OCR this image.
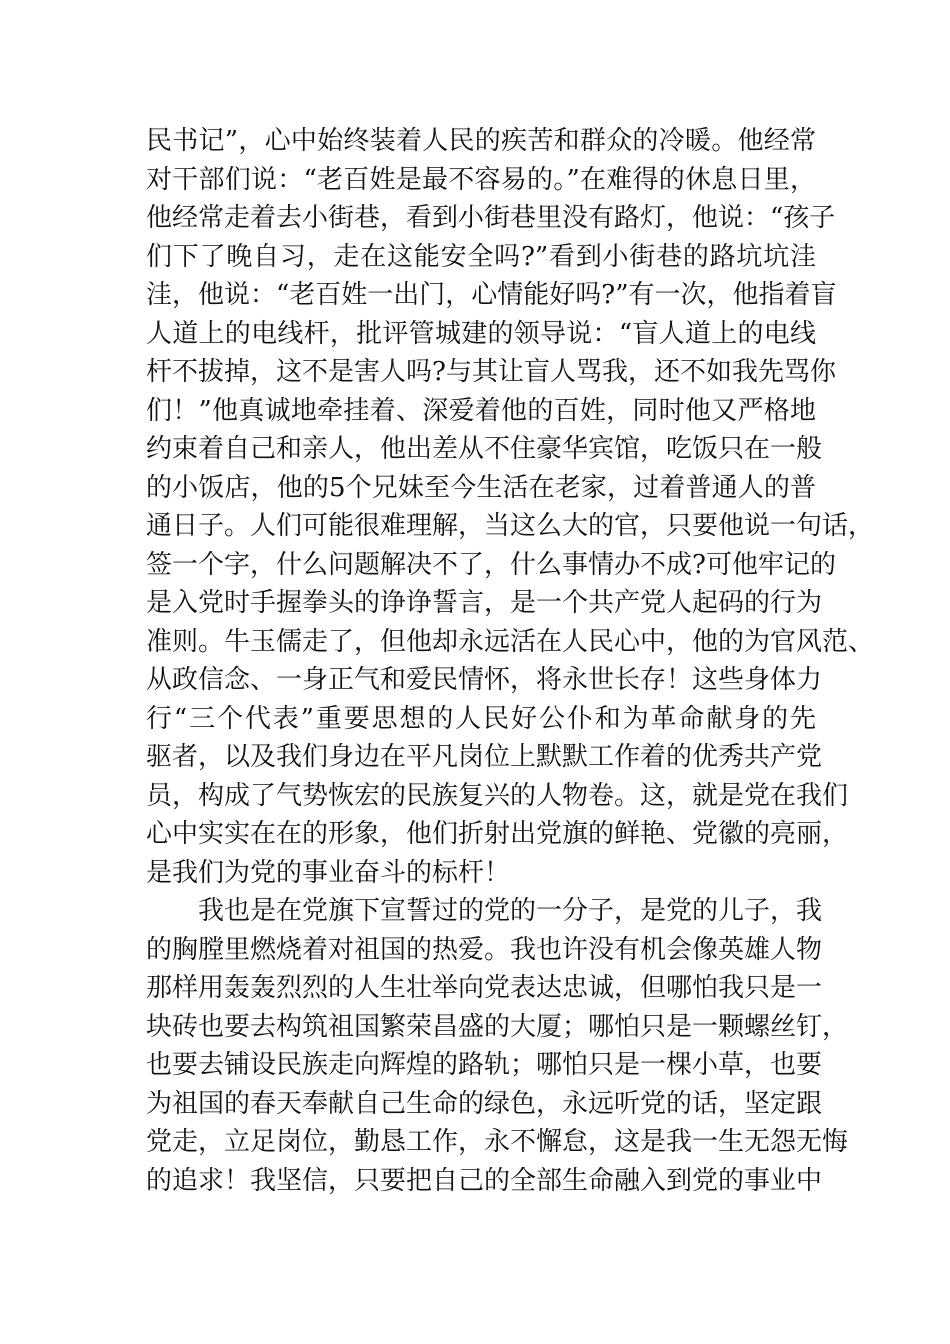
民书记”，心中始终装着人民的疾苦和群众的冷暖。他经常
对干部们说：“老百姓是最不容易的。”在难得的休息日里，
他经常走着去小街巷，看到小街巷里没有路灯，他说：“孩子
们下了晚自习，走在这能安全吗?”看到小街巷的路坑坑洼
洼，他说：“老百姓一出门，心情能好吗?”有一次，他指着盲
人道上的电线杆，批评管城建的领导说：“盲人道上的电线
杆不拔掉，这不是害人吗?与其让盲人骂我，还不如我先骂你
们！”他真诚地牵挂着、深爱着他的百姓，同时他又严格地
约束着自己和亲人，他出差从不住豪华宾馆，吃饭只在一般
的小饭店，他的5个兄妹至今生活在老家，过着普通人的普
通日子。人们可能很难理解，当这么大的官，只要他说一句话，
签一个字，什么问题解决不了，什么事情办不成?可他牢记的
是入党时手握拳头的诤诤誓言，是一个共产党人起码的行为
准则。牛玉儒走了，但他却永远活在人民心中，他的为官风范、
从政信念、一身正气和爱民情怀，将永世长存！这些身体力
行“三个代表”重要思想的人民好公仆和为革命献身的先
驱者，以及我们身边在平凡岗位上默默工作着的优秀共产党
员，构成了气势恢宏的民族复兴的人物卷。这，就是党在我们
心中实实在在的形象，他们折射出党旗的鲜艳、党徽的亮丽，
是我们为党的事业奋斗的标杆！
我也是在党旗下宣誓过的党的一分子，是党的儿子，我
的胸膛里燃烧着对祖国的热爱。我也许没有机会像英雄人物
那样用轰轰烈烈的人生壮举向党表达忠诚，但哪怕我只是一
块砖也要去构筑祖国繁荣昌盛的大厦；哪怕只是一颗螺丝钉，
也要去铺设民族走向辉煌的路轨；哪怕只是一棵小草，也要
为祖国的春天奉献自己生命的绿色，永远听党的话，坚定跟
党走，立足岗位，勤恳工作，永不懈怠，这是我一生无怨无悔
的追求！我坚信，只要把自己的全部生命融入到党的事业中
